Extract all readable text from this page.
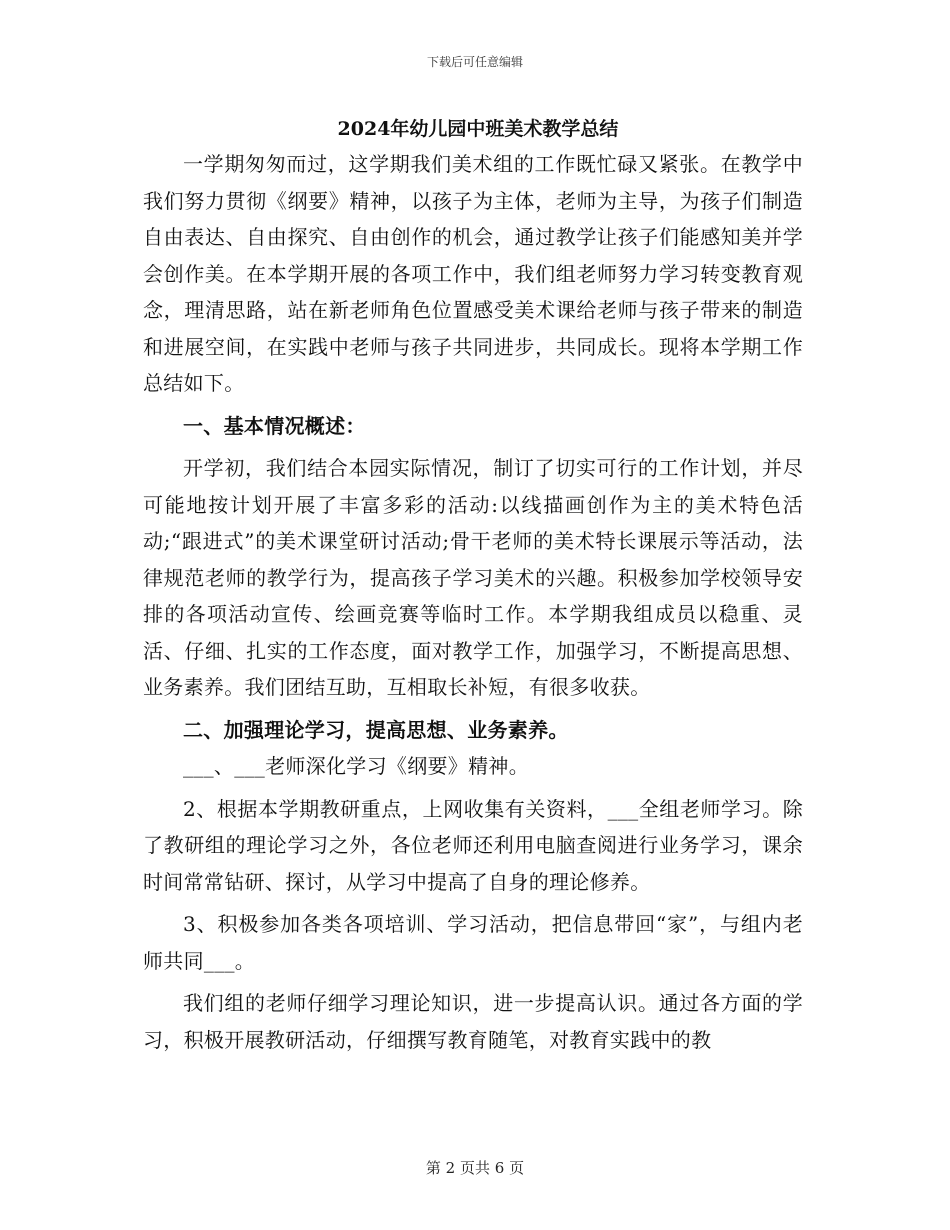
下载后可任意编辑
2024年幼儿园中班美术教学总结

一学期匆匆而过，这学期我们美术组的工作既忙碌又紧张。在教学中我们努力贯彻《纲要》精神，以孩子为主体，老师为主导，为孩子们制造自由表达、自由探究、自由创作的机会，通过教学让孩子们能感知美并学会创作美。在本学期开展的各项工作中，我们组老师努力学习转变教育观念，理清思路，站在新老师角色位置感受美术课给老师与孩子带来的制造和进展空间，在实践中老师与孩子共同进步，共同成长。现将本学期工作总结如下。

一、基本情况概述：

开学初，我们结合本园实际情况，制订了切实可行的工作计划，并尽可能地按计划开展了丰富多彩的活动:以线描画创作为主的美术特色活动;“跟进式”的美术课堂研讨活动;骨干老师的美术特长课展示等活动，法律规范老师的教学行为，提高孩子学习美术的兴趣。积极参加学校领导安排的各项活动宣传、绘画竞赛等临时工作。本学期我组成员以稳重、灵活、仔细、扎实的工作态度，面对教学工作，加强学习，不断提高思想、业务素养。我们团结互助，互相取长补短，有很多收获。

二、加强理论学习，提高思想、业务素养。

___、___老师深化学习《纲要》精神。

2、根据本学期教研重点，上网收集有关资料，___全组老师学习。除了教研组的理论学习之外，各位老师还利用电脑查阅进行业务学习，课余时间常常钻研、探讨，从学习中提高了自身的理论修养。

3、积极参加各类各项培训、学习活动，把信息带回“家”，与组内老师共同___。

我们组的老师仔细学习理论知识，进一步提高认识。通过各方面的学习，积极开展教研活动，仔细撰写教育随笔，对教育实践中的教

第 2 页共 6 页
